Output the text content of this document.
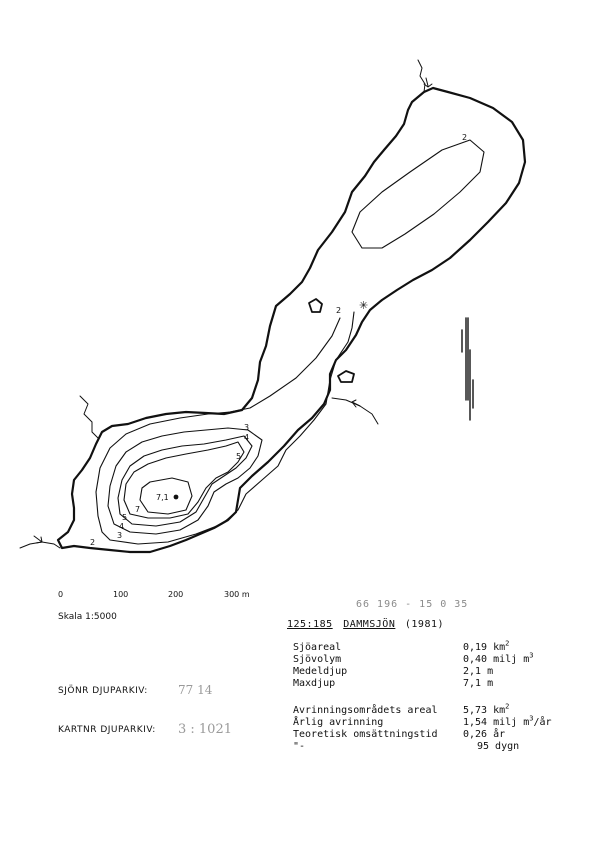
2
2
3
4
5
7
5
4
3
2
7,1
✳
0	100	200	300 m
Skala 1:5000
66 196 - 15 0 35
125:185 DAMMSJÖN (1981)
SJÖNR DJUPARKIV:	77 14
KARTNR DJUPARKIV: 3 : 1021
Sjöareal	0,19 $km^2$
Sjövolym	0,40 milj $m^3$
Medeldjup	2,1 m
Maxdjup	7,1 m
Avrinningsområdets areal	5,73 $km^2$
Årlig avrinning	1,54 milj $m^3/år$
Teoretisk omsättningstid	0,26 år
"-	95 dygn
